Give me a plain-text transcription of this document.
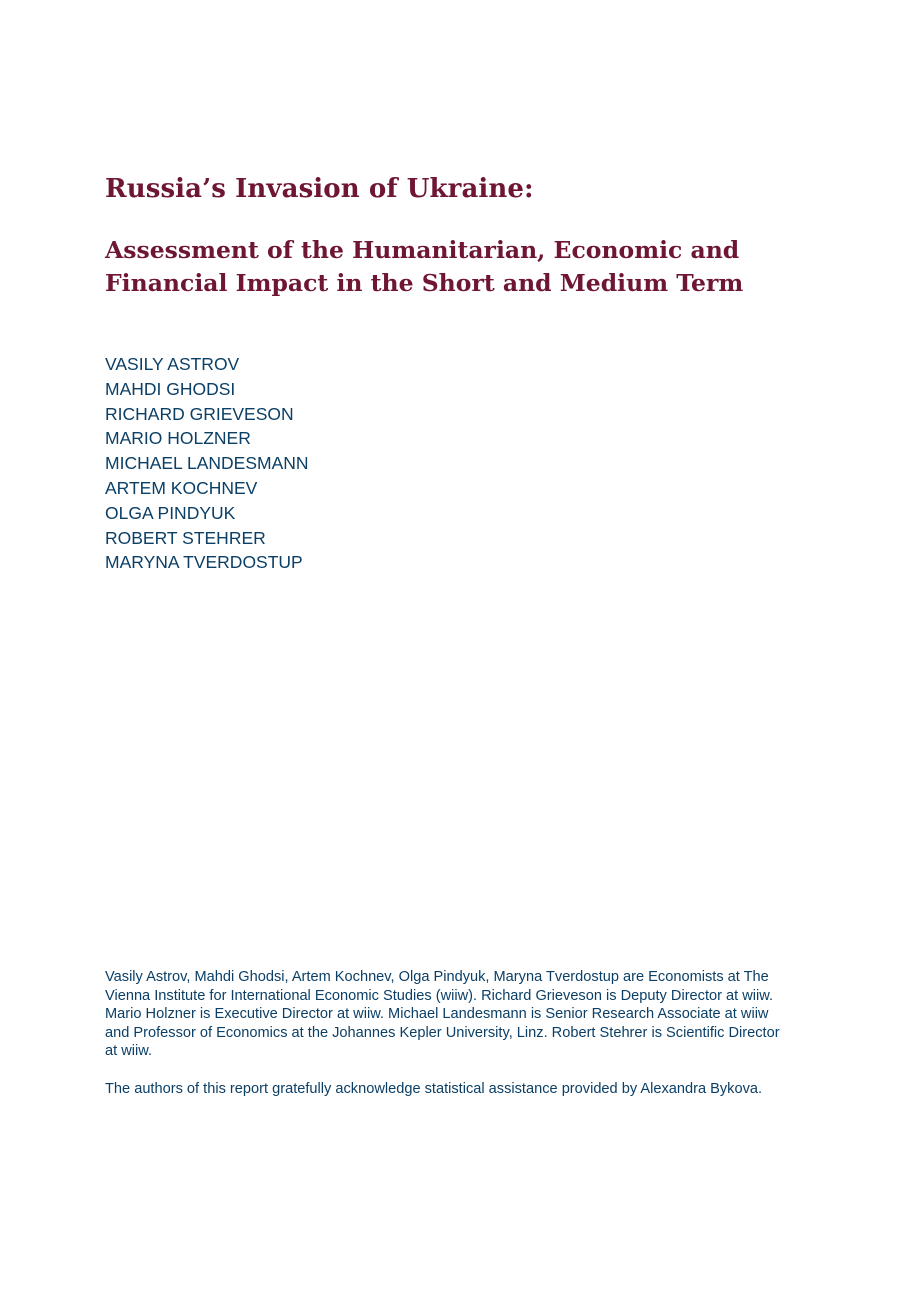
Russia’s Invasion of Ukraine:
Assessment of the Humanitarian, Economic and
Financial Impact in the Short and Medium Term
VASILY ASTROV
MAHDI GHODSI
RICHARD GRIEVESON
MARIO HOLZNER
MICHAEL LANDESMANN
ARTEM KOCHNEV
OLGA PINDYUK
ROBERT STEHRER
MARYNA TVERDOSTUP

Vasily Astrov, Mahdi Ghodsi, Artem Kochnev, Olga Pindyuk, Maryna Tverdostup are Economists at The Vienna Institute for International Economic Studies (wiiw). Richard Grieveson is Deputy Director at wiiw. Mario Holzner is Executive Director at wiiw. Michael Landesmann is Senior Research Associate at wiiw and Professor of Economics at the Johannes Kepler University, Linz. Robert Stehrer is Scientific Director at wiiw.

The authors of this report gratefully acknowledge statistical assistance provided by Alexandra Bykova.
